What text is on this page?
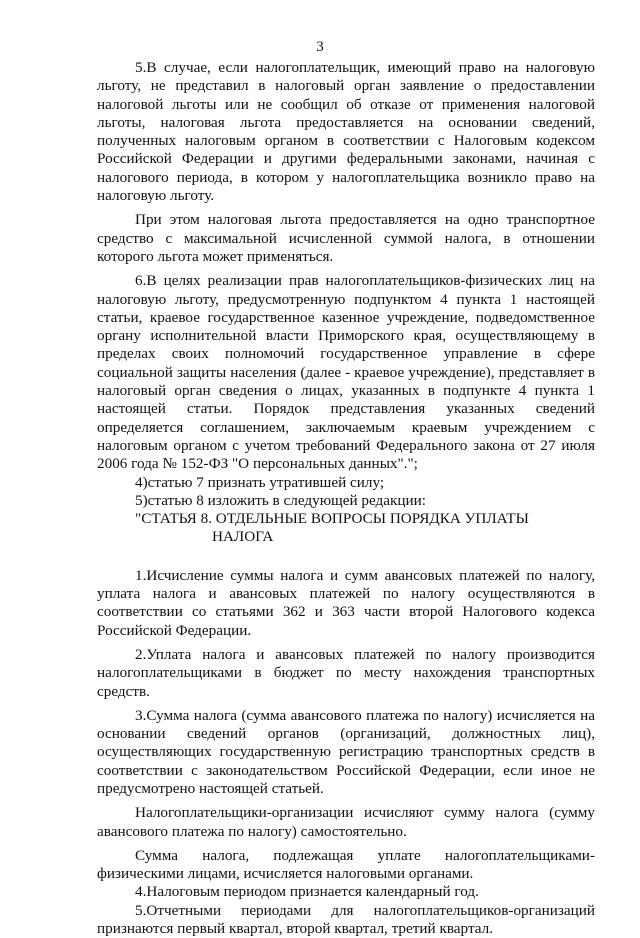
3

5.В случае, если налогоплательщик, имеющий право на налоговую льготу, не представил в налоговый орган заявление о предоставлении налоговой льготы или не сообщил об отказе от применения налоговой льготы, налоговая льгота предоставляется на основании сведений, полученных налоговым органом в соответствии с Налоговым кодексом Российской Федерации и другими федеральными законами, начиная с налогового периода, в котором у налогоплательщика возникло право на налоговую льготу.

При этом налоговая льгота предоставляется на одно транспортное средство с максимальной исчисленной суммой налога, в отношении которого льгота может применяться.

6.В целях реализации прав налогоплательщиков-физических лиц на налоговую льготу, предусмотренную подпунктом 4 пункта 1 настоящей статьи, краевое государственное казенное учреждение, подведомственное органу исполнительной власти Приморского края, осуществляющему в пределах своих полномочий государственное управление в сфере социальной защиты населения (далее - краевое учреждение), представляет в налоговый орган сведения о лицах, указанных в подпункте 4 пункта 1 настоящей статьи. Порядок представления указанных сведений определяется соглашением, заключаемым краевым учреждением с налоговым органом с учетом требований Федерального закона от 27 июля 2006 года № 152-ФЗ "О персональных данных".";

4)статью 7 признать утратившей силу;

5)статью 8 изложить в следующей редакции:

"СТАТЬЯ 8. ОТДЕЛЬНЫЕ ВОПРОСЫ ПОРЯДКА УПЛАТЫ
НАЛОГА

1.Исчисление суммы налога и сумм авансовых платежей по налогу, уплата налога и авансовых платежей по налогу осуществляются в соответствии со статьями 362 и 363 части второй Налогового кодекса Российской Федерации.

2.Уплата налога и авансовых платежей по налогу производится налогоплательщиками в бюджет по месту нахождения транспортных средств.

3.Сумма налога (сумма авансового платежа по налогу) исчисляется на основании сведений органов (организаций, должностных лиц), осуществляющих государственную регистрацию транспортных средств в соответствии с законодательством Российской Федерации, если иное не предусмотрено настоящей статьей.

Налогоплательщики-организации исчисляют сумму налога (сумму авансового платежа по налогу) самостоятельно.

Сумма налога, подлежащая уплате налогоплательщиками-физическими лицами, исчисляется налоговыми органами.

4.Налоговым периодом признается календарный год.

5.Отчетными периодами для налогоплательщиков-организаций признаются первый квартал, второй квартал, третий квартал.
